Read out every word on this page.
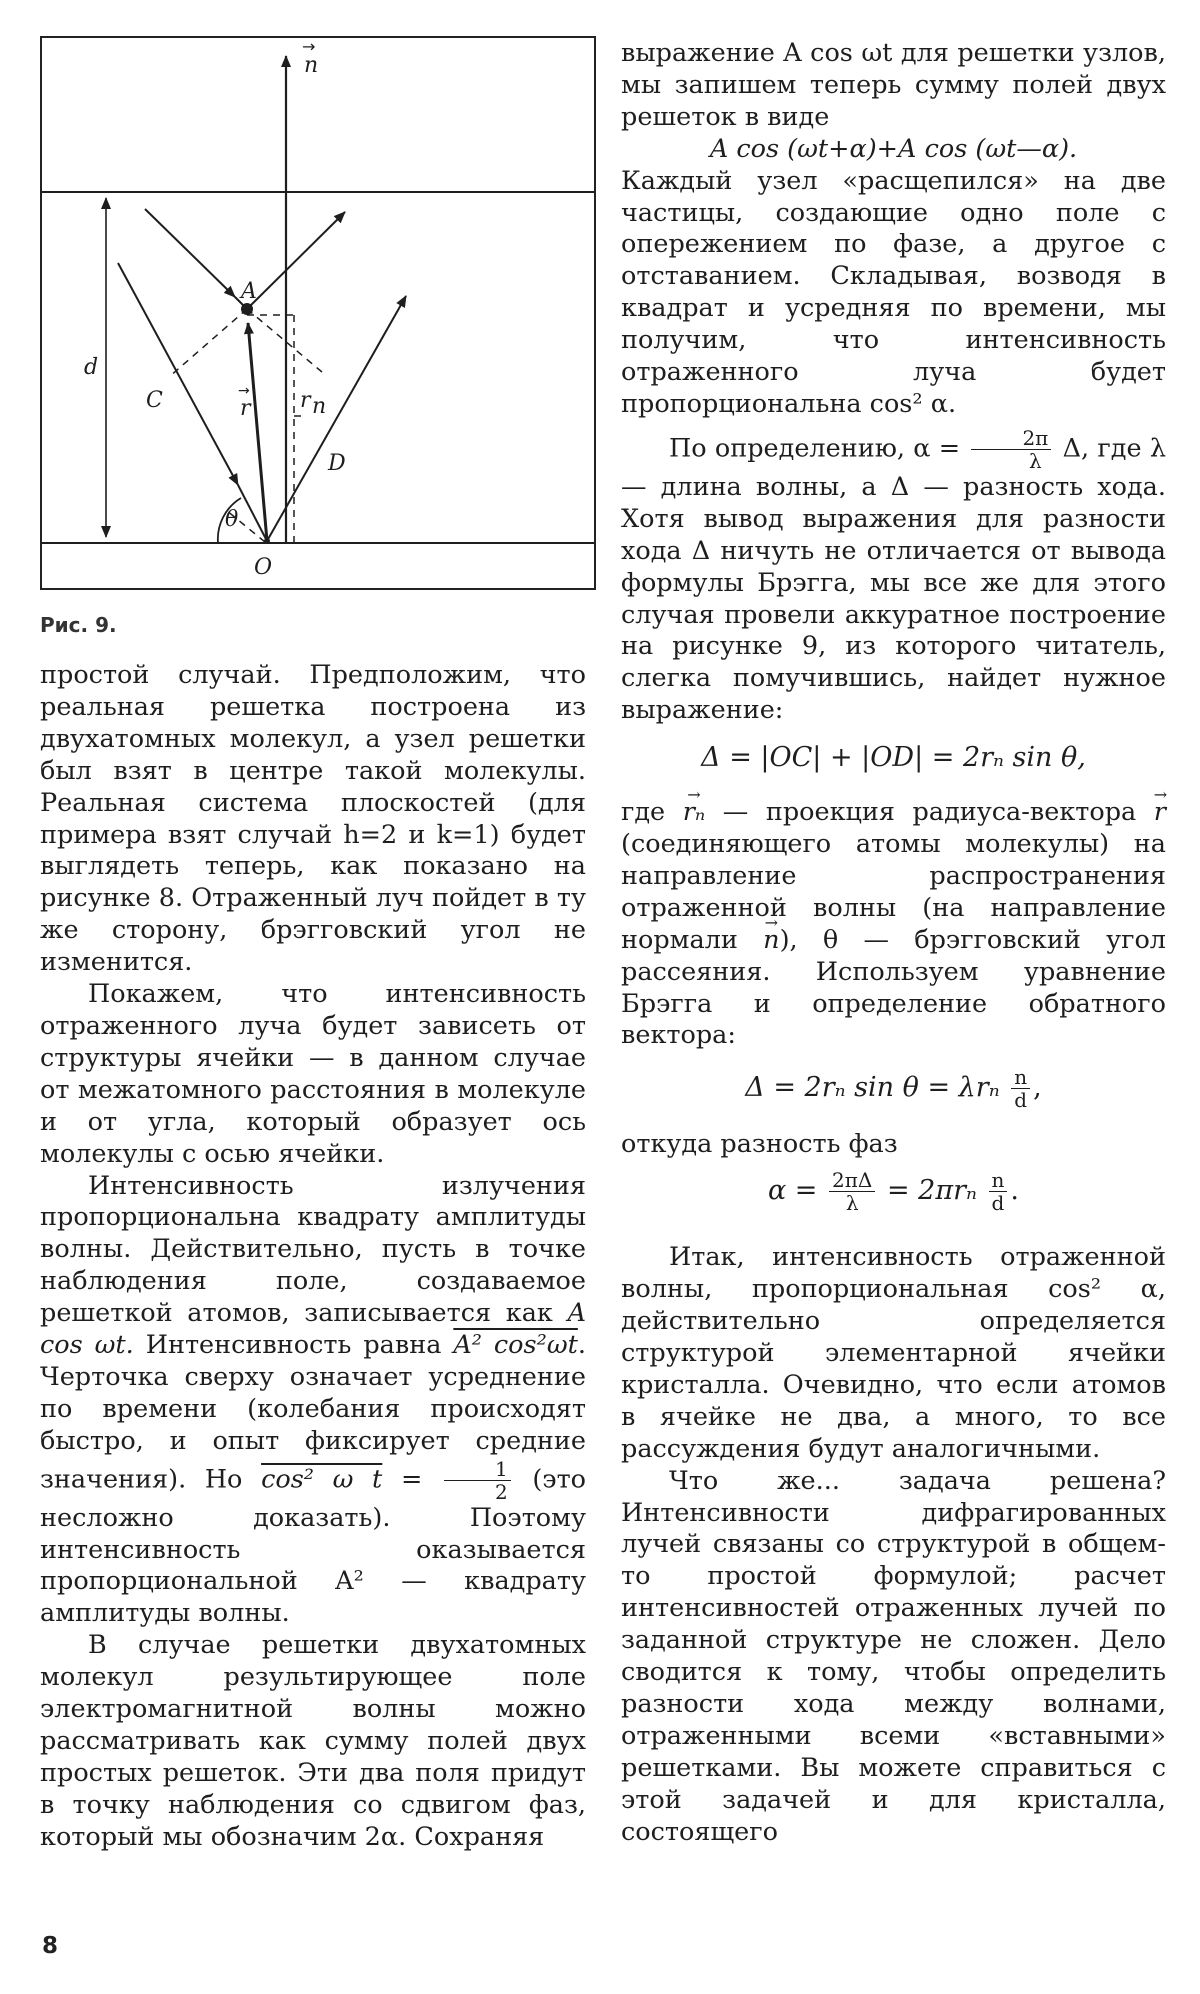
n
→
A
d
C	r
→ r n
D
θ
O
Рис. 9.

простой случай. Предположим, что реальная решетка построена из двухатомных молекул, а узел решетки был взят в центре такой молекулы. Реальная система плоскостей (для примера взят случай h=2 и k=1) будет выглядеть теперь, как показано на рисунке 8. Отраженный луч пойдет в ту же сторону, брэгговский угол не изменится.

Покажем, что интенсивность отраженного луча будет зависеть от структуры ячейки — в данном случае от межатомного расстояния в молекуле и от угла, который образует ось молекулы с осью ячейки.

Интенсивность излучения пропорциональна квадрату амплитуды волны. Действительно, пусть в точке наблюдения поле, создаваемое решеткой атомов, записывается как A cos ωt. Интенсивность равна A² cos²ωt. Черточка сверху означает усреднение по времени (колебания происходят быстро, и опыт фиксирует средние значения). Но cos² ω $t = \frac{1}{2} (это$ несложно доказать). Поэтому интенсивность оказывается пропорциональной A² — квадрату амплитуды волны.

В случае решетки двухатомных молекул результирующее поле электромагнитной волны можно рассматривать как сумму полей двух простых решеток. Эти два поля придут в точку наблюдения со сдвигом фаз, который мы обозначим 2α. Сохраняя

выражение A cos ωt для решетки узлов, мы запишем теперь сумму полей двух решеток в виде

A cos (ωt+α)+A cos (ωt—α).

Каждый узел «расщепился» на две частицы, создающие одно поле с опережением по фазе, а другое с отставанием. Складывая, возводя в квадрат и усредняя по времени, мы получим, что интенсивность отраженного луча будет пропорциональна cos² α.

По определению, $\alpha = \frac{2\pi}{\lambda} \Delta$, где λ — длина волны, а Δ — разность хода. Хотя вывод выражения для разности хода Δ ничуть не отличается от вывода формулы Брэгга, мы все же для этого случая провели аккуратное построение на рисунке 9, из которого читатель, слегка помучившись, найдет нужное выражение:

Δ = |OC| + |OD| = 2rₙ sin θ,

где → rₙ — проекция радиуса-вектора → r (соединяющего атомы молекулы) на направление распространения отраженной волны (на направление нормали → n), θ — брэгговский угол рассеяния. Используем уравнение Брэгга и определение обратного вектора:

Δ = 2rₙ sin θ = λrₙ $\frac{n}{d}$ ,

откуда разность фаз

$\alpha = \frac{2\pi\Delta}{\lambda} = 2\pi r_n \frac{n}{d}$ .

Итак, интенсивность отраженной волны, пропорциональная cos² α, действительно определяется структурой элементарной ячейки кристалла. Очевидно, что если атомов в ячейке не два, а много, то все рассуждения будут аналогичными.

Что же... задача решена? Интенсивности дифрагированных лучей связаны со структурой в общем-то простой формулой; расчет интенсивностей отраженных лучей по заданной структуре не сложен. Дело сводится к тому, чтобы определить разности хода между волнами, отраженными всеми «вставными» решетками. Вы можете справиться с этой задачей и для кристалла, состоящего

8
